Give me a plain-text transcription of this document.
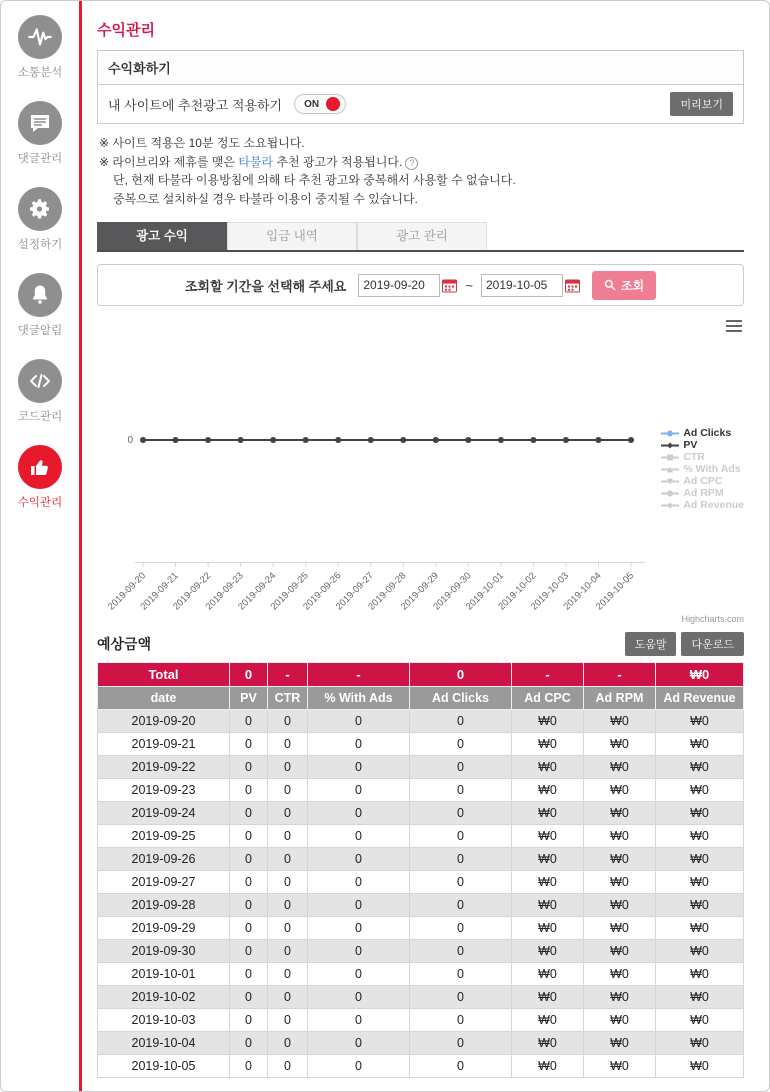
소통분석
댓글관리
설정하기
댓글알림
코드관리
수익관리
수익관리
수익화하기
내 사이트에 추천광고 적용하기 ON	미리보기
※ 사이트 적용은 10분 정도 소요됩니다.
※ 라이브리와 제휴를 맺은 타불라 추천 광고가 적용됩니다. ?
단, 현재 타불라 이용방침에 의해 타 추천 광고와 중복해서 사용할 수 없습니다.
중복으로 설치하실 경우 타불라 이용이 중지될 수 있습니다.
광고 수익	입금 내역	광고 관리
조회할 기간을 선택해 주세요
2019-09-20	~
2019-10-05	조회
0
2019-09-20
2019-09-21
2019-09-22
2019-09-23
2019-09-24
2019-09-25
2019-09-26
2019-09-27
2019-09-28
2019-09-29
2019-09-30
2019-10-01
2019-10-02
2019-10-03
2019-10-04
2019-10-05
Ad Clicks
PV
CTR
% With Ads
Ad CPC
Ad RPM
Ad Revenue
Highcharts.com
예상금액	도움말	다운로드
Total	0	-	-	0	-	-	₩0
date	PV	CTR	% With Ads	Ad Clicks	Ad CPC	Ad RPM	Ad Revenue
2019-09-20	0	0	0	0	₩0	₩0	₩0
2019-09-21	0	0	0	0	₩0	₩0	₩0
2019-09-22	0	0	0	0	₩0	₩0	₩0
2019-09-23	0	0	0	0	₩0	₩0	₩0
2019-09-24	0	0	0	0	₩0	₩0	₩0
2019-09-25	0	0	0	0	₩0	₩0	₩0
2019-09-26	0	0	0	0	₩0	₩0	₩0
2019-09-27	0	0	0	0	₩0	₩0	₩0
2019-09-28	0	0	0	0	₩0	₩0	₩0
2019-09-29	0	0	0	0	₩0	₩0	₩0
2019-09-30	0	0	0	0	₩0	₩0	₩0
2019-10-01	0	0	0	0	₩0	₩0	₩0
2019-10-02	0	0	0	0	₩0	₩0	₩0
2019-10-03	0	0	0	0	₩0	₩0	₩0
2019-10-04	0	0	0	0	₩0	₩0	₩0
2019-10-05	0	0	0	0	₩0	₩0	₩0
